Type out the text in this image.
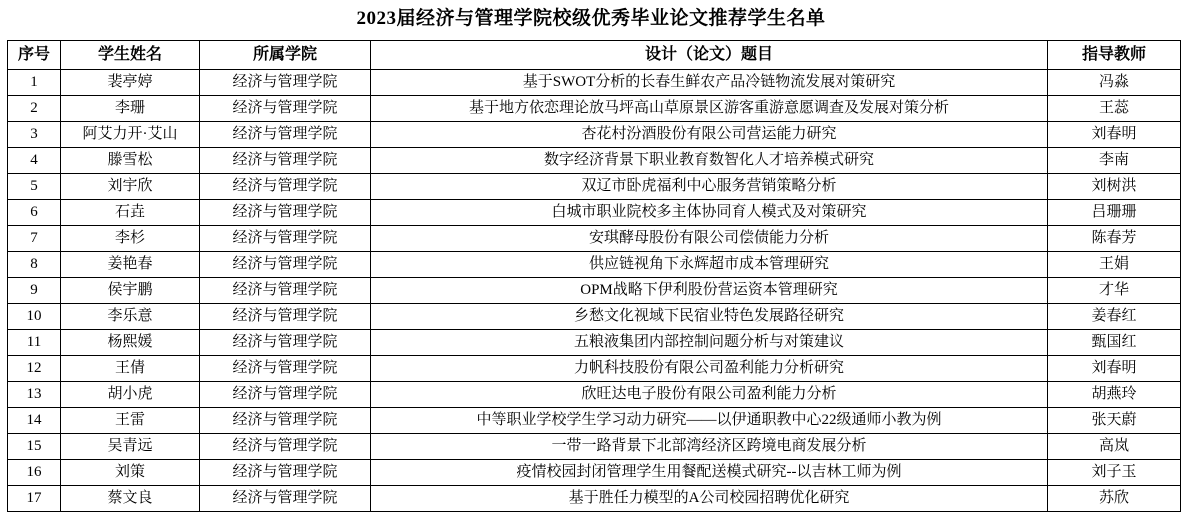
2023届经济与管理学院校级优秀毕业论文推荐学生名单
序号	学生姓名	所属学院	设计（论文）题目	指导教师
1	裴亭婷	经济与管理学院	基于SWOT分析的长春生鲜农产品冷链物流发展对策研究	冯淼
2	李珊	经济与管理学院	基于地方依恋理论放马坪高山草原景区游客重游意愿调查及发展对策分析	王蕊
3	阿艾力开·艾山	经济与管理学院	杏花村汾酒股份有限公司营运能力研究	刘春明
4	滕雪松	经济与管理学院	数字经济背景下职业教育数智化人才培养模式研究	李南
5	刘宇欣	经济与管理学院	双辽市卧虎福利中心服务营销策略分析	刘树洪
6	石垚	经济与管理学院	白城市职业院校多主体协同育人模式及对策研究	吕珊珊
7	李杉	经济与管理学院	安琪酵母股份有限公司偿债能力分析	陈春芳
8	姜艳春	经济与管理学院	供应链视角下永辉超市成本管理研究	王娟
9	侯宇鹏	经济与管理学院	OPM战略下伊利股份营运资本管理研究	才华
10	李乐意	经济与管理学院	乡愁文化视域下民宿业特色发展路径研究	姜春红
11	杨熙媛	经济与管理学院	五粮液集团内部控制问题分析与对策建议	甄国红
12	王倩	经济与管理学院	力帆科技股份有限公司盈利能力分析研究	刘春明
13	胡小虎	经济与管理学院	欣旺达电子股份有限公司盈利能力分析	胡燕玲
14	王雷	经济与管理学院	中等职业学校学生学习动力研究——以伊通职教中心22级通师小教为例	张天蔚
15	吴青远	经济与管理学院	一带一路背景下北部湾经济区跨境电商发展分析	高岚
16	刘策	经济与管理学院	疫情校园封闭管理学生用餐配送模式研究--以吉林工师为例	刘子玉
17	蔡文良	经济与管理学院	基于胜任力模型的A公司校园招聘优化研究	苏欣
